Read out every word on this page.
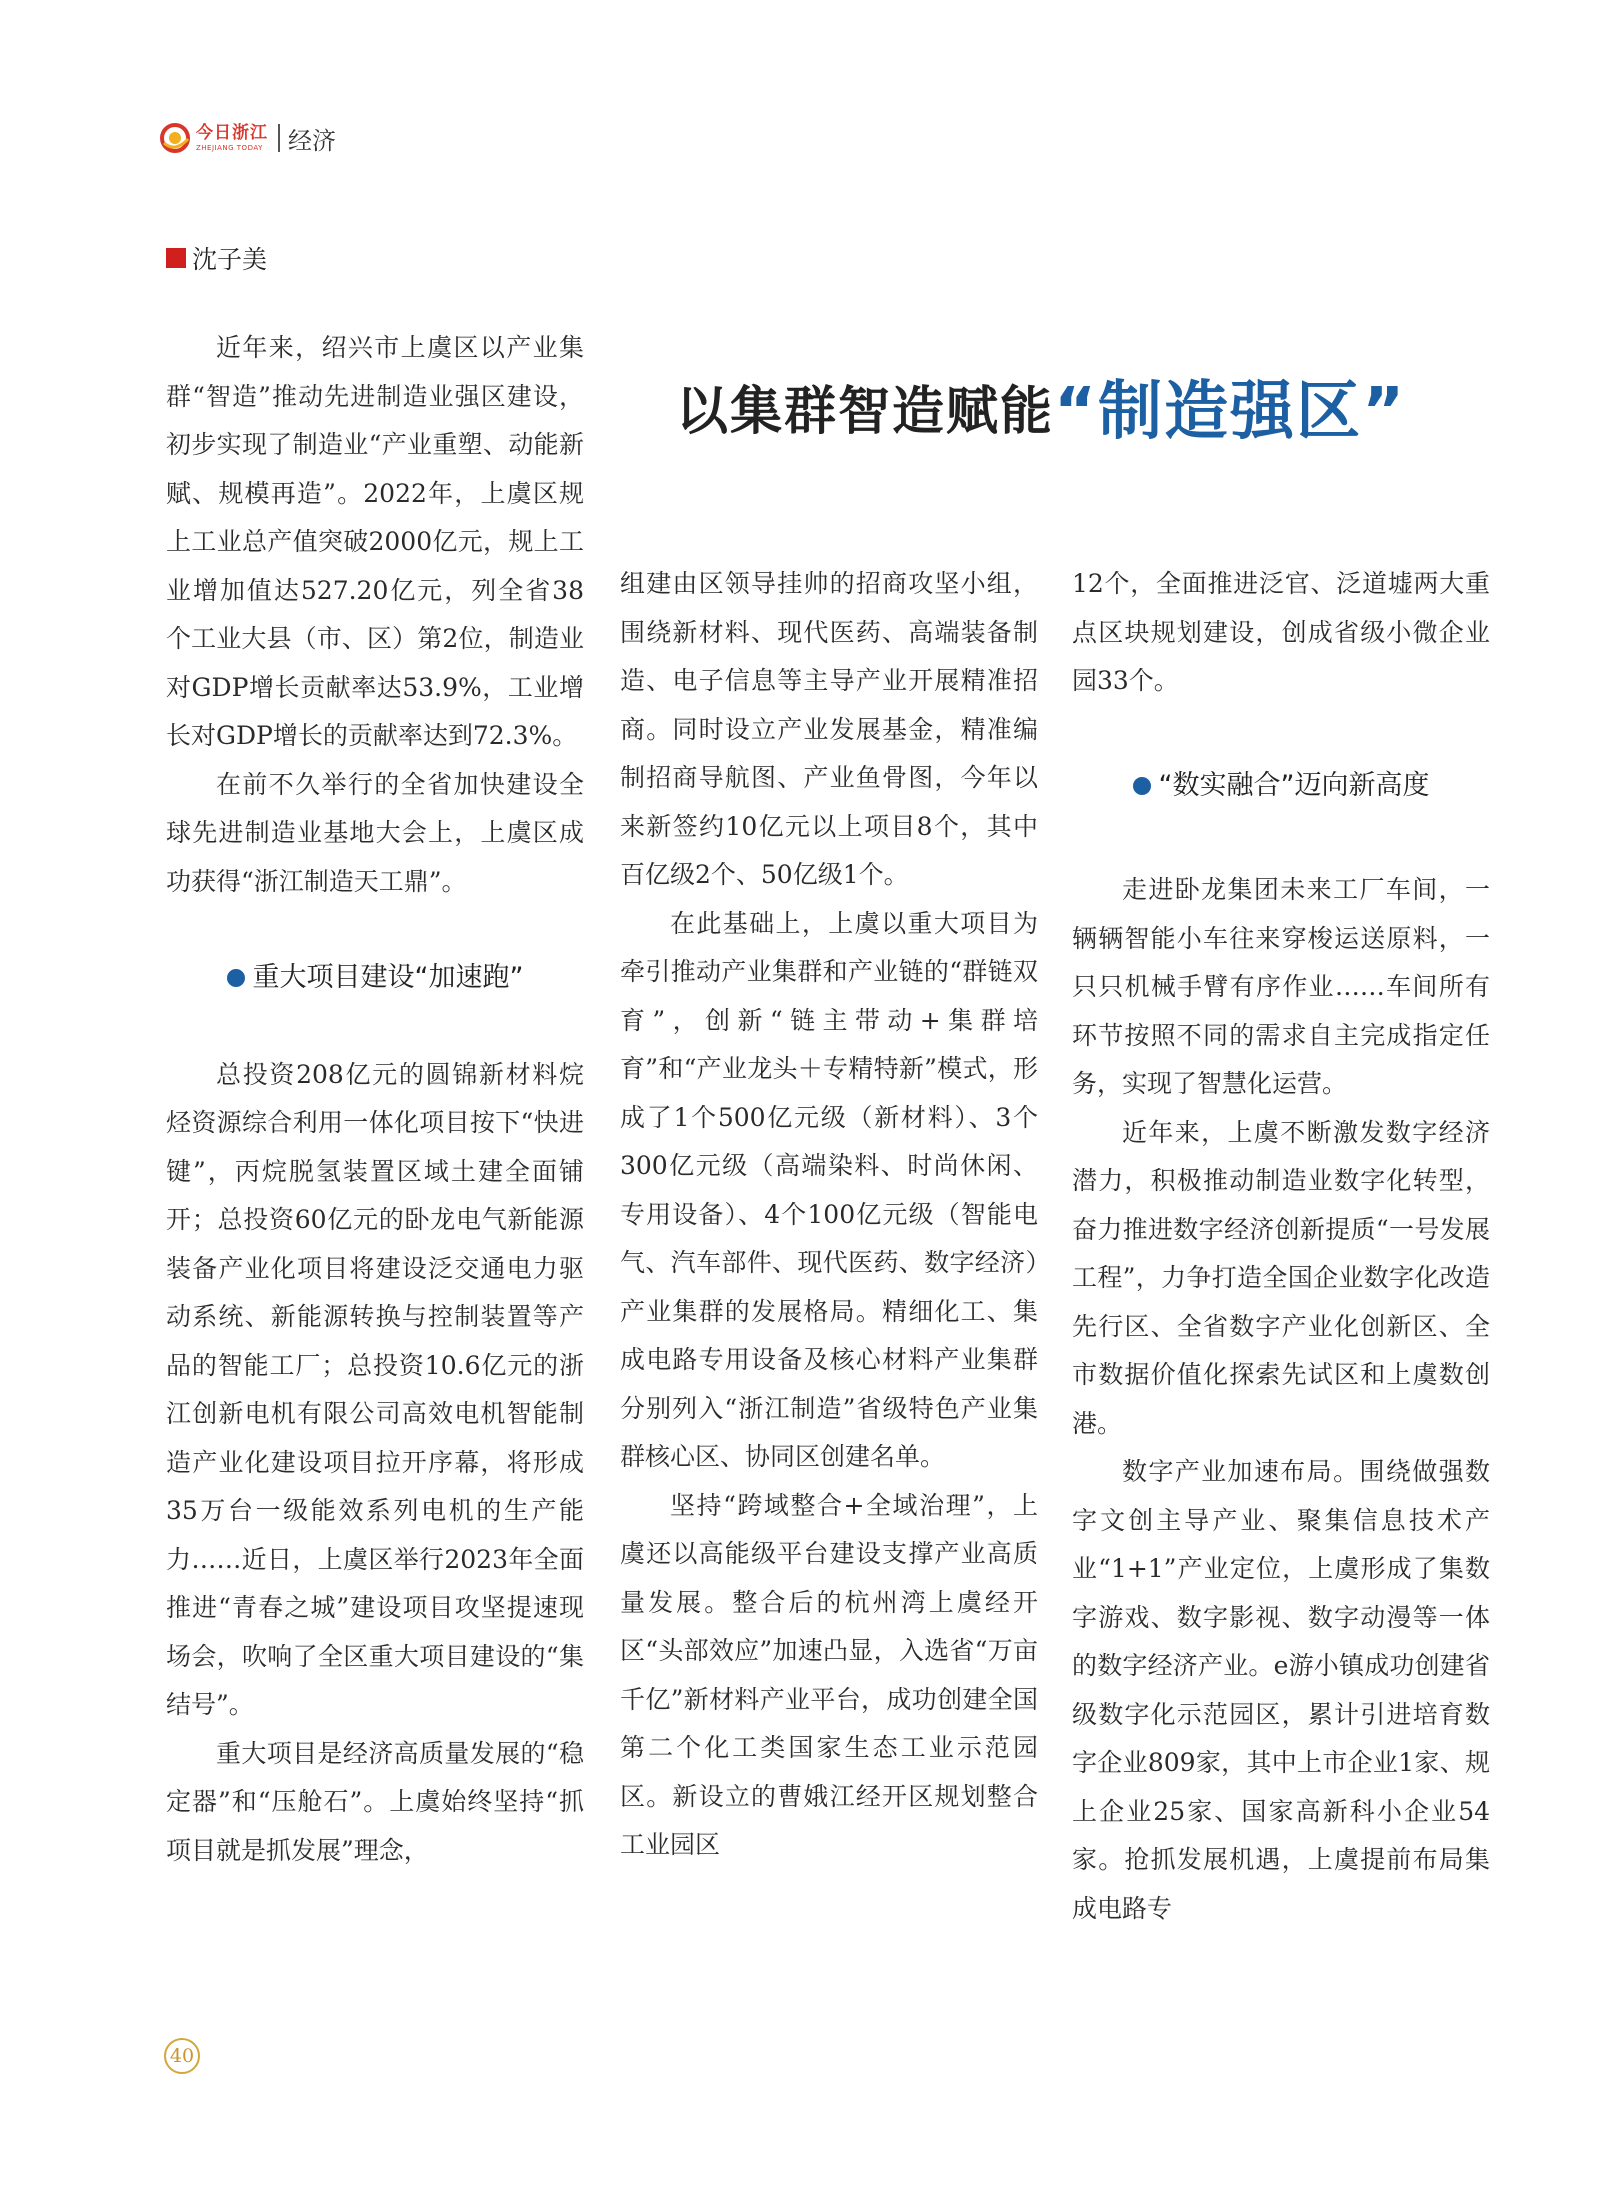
今日浙江
ZHEJIANG TODAY 经济
沈子美
以集群智造赋能 “制造强区”

近年来，绍兴市上虞区以产业集群“智造”推动先进制造业强区建设，初步实现了制造业“产业重塑、动能新赋、规模再造”。2022年，上虞区规上工业总产值突破2000亿元，规上工业增加值达527.20亿元，列全省38个工业大县（市、区）第2位，制造业对GDP增长贡献率达53.9%，工业增长对GDP增长的贡献率达到72.3%。

在前不久举行的全省加快建设全球先进制造业基地大会上，上虞区成功获得“浙江制造天工鼎”。

重大项目建设“加速跑”

总投资208亿元的圆锦新材料烷烃资源综合利用一体化项目按下“快进键”，丙烷脱氢装置区域土建全面铺开；总投资60亿元的卧龙电气新能源装备产业化项目将建设泛交通电力驱动系统、新能源转换与控制装置等产品的智能工厂；总投资10.6亿元的浙江创新电机有限公司高效电机智能制造产业化建设项目拉开序幕，将形成35万台一级能效系列电机的生产能力……近日，上虞区举行2023年全面推进“青春之城”建设项目攻坚提速现场会，吹响了全区重大项目建设的“集结号”。

重大项目是经济高质量发展的“稳定器”和“压舱石”。上虞始终坚持“抓项目就是抓发展”理念，

组建由区领导挂帅的招商攻坚小组，围绕新材料、现代医药、高端装备制造、电子信息等主导产业开展精准招商。同时设立产业发展基金，精准编制招商导航图、产业鱼骨图，今年以来新签约10亿元以上项目8个，其中百亿级2个、50亿级1个。

在此基础上，上虞以重大项目为牵引推动产业集群和产业链的“群链双育”，创新“链主带动+集群培育”和“产业龙头＋专精特新”模式，形成了1个500亿元级（新材料）、3个300亿元级（高端染料、时尚休闲、专用设备）、4个100亿元级（智能电气、汽车部件、现代医药、数字经济）产业集群的发展格局。精细化工、集成电路专用设备及核心材料产业集群分别列入“浙江制造”省级特色产业集群核心区、协同区创建名单。

坚持“跨域整合+全域治理”，上虞还以高能级平台建设支撑产业高质量发展。整合后的杭州湾上虞经开区“头部效应”加速凸显，入选省“万亩千亿”新材料产业平台，成功创建全国第二个化工类国家生态工业示范园区。新设立的曹娥江经开区规划整合工业园区

12个，全面推进泛官、泛道墟两大重点区块规划建设，创成省级小微企业园33个。

“数实融合”迈向新高度

走进卧龙集团未来工厂车间，一辆辆智能小车往来穿梭运送原料，一只只机械手臂有序作业……车间所有环节按照不同的需求自主完成指定任务，实现了智慧化运营。

近年来，上虞不断激发数字经济潜力，积极推动制造业数字化转型，奋力推进数字经济创新提质“一号发展工程”，力争打造全国企业数字化改造先行区、全省数字产业化创新区、全市数据价值化探索先试区和上虞数创港。

数字产业加速布局。围绕做强数字文创主导产业、聚集信息技术产业“1+1”产业定位，上虞形成了集数字游戏、数字影视、数字动漫等一体的数字经济产业。e游小镇成功创建省级数字化示范园区，累计引进培育数字企业809家，其中上市企业1家、规上企业25家、国家高新科小企业54家。抢抓发展机遇，上虞提前布局集成电路专

40
